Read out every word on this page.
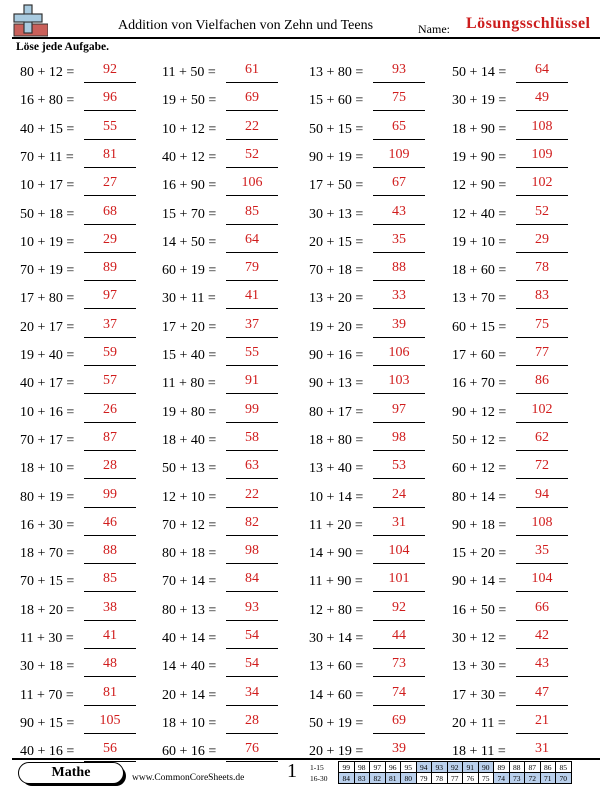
Addition von Vielfachen von Zehn und Teens	Name: Lösungsschlüssel
Löse jede Aufgabe.
80 + 12 =	92	11 + 50 =	61	13 + 80 =	93	50 + 14 =	64
16 + 80 =	96	19 + 50 =	69	15 + 60 =	75	30 + 19 =	49
40 + 15 =	55	10 + 12 =	22	50 + 15 =	65	18 + 90 =	108
70 + 11 =	81	40 + 12 =	52	90 + 19 =	109	19 + 90 =	109
10 + 17 =	27	16 + 90 =	106	17 + 50 =	67	12 + 90 =	102
50 + 18 =	68	15 + 70 =	85	30 + 13 =	43	12 + 40 =	52
10 + 19 =	29	14 + 50 =	64	20 + 15 =	35	19 + 10 =	29
70 + 19 =	89	60 + 19 =	79	70 + 18 =	88	18 + 60 =	78
17 + 80 =	97	30 + 11 =	41	13 + 20 =	33	13 + 70 =	83
20 + 17 =	37	17 + 20 =	37	19 + 20 =	39	60 + 15 =	75
19 + 40 =	59	15 + 40 =	55	90 + 16 =	106	17 + 60 =	77
40 + 17 =	57	11 + 80 =	91	90 + 13 =	103	16 + 70 =	86
10 + 16 =	26	19 + 80 =	99	80 + 17 =	97	90 + 12 =	102
70 + 17 =	87	18 + 40 =	58	18 + 80 =	98	50 + 12 =	62
18 + 10 =	28	50 + 13 =	63	13 + 40 =	53	60 + 12 =	72
80 + 19 =	99	12 + 10 =	22	10 + 14 =	24	80 + 14 =	94
16 + 30 =	46	70 + 12 =	82	11 + 20 =	31	90 + 18 =	108
18 + 70 =	88	80 + 18 =	98	14 + 90 =	104	15 + 20 =	35
70 + 15 =	85	70 + 14 =	84	11 + 90 =	101	90 + 14 =	104
18 + 20 =	38	80 + 13 =	93	12 + 80 =	92	16 + 50 =	66
11 + 30 =	41	40 + 14 =	54	30 + 14 =	44	30 + 12 =	42
30 + 18 =	48	14 + 40 =	54	13 + 60 =	73	13 + 30 =	43
11 + 70 =	81	20 + 14 =	34	14 + 60 =	74	17 + 30 =	47
90 + 15 =	105	18 + 10 =	28	50 + 19 =	69	20 + 11 =	21
40 + 16 =	56	60 + 16 =	76	20 + 19 =	39	18 + 11 =	31
Mathe	www.CommonCoreSheets.de 1 1-15	99	98	97	96	95	94	93	92	91	90	89	88	87	86	85
16-30	84	83	82	81	80	79	78	77	76	75	74	73	72	71	70
